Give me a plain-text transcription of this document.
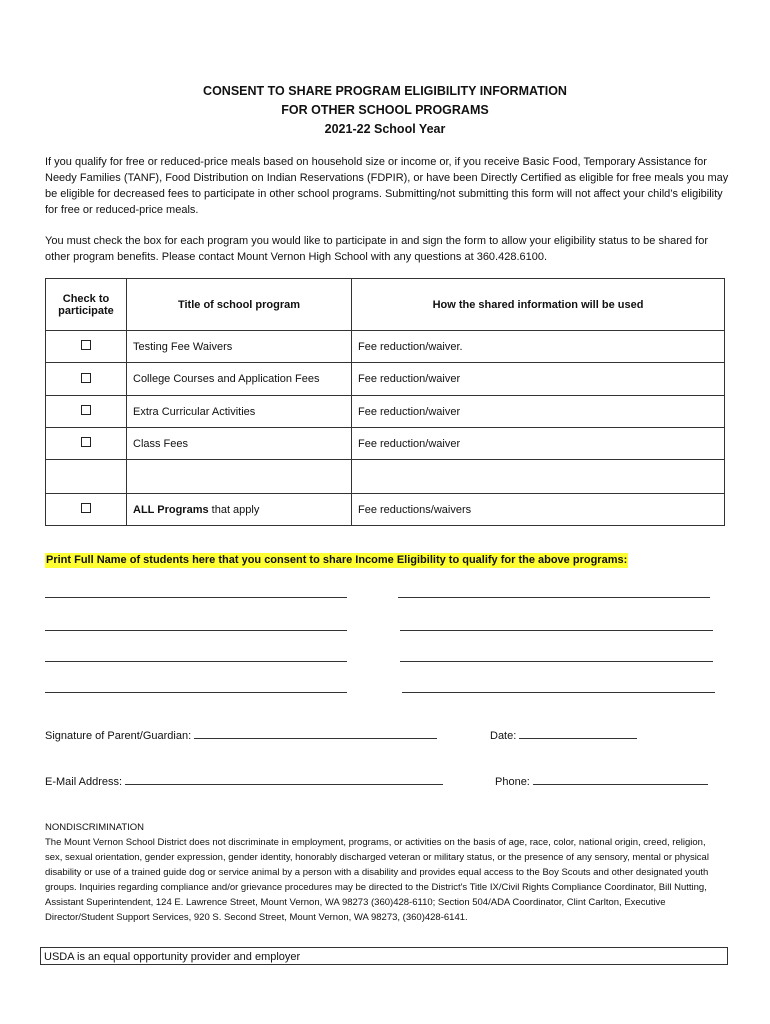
CONSENT TO SHARE PROGRAM ELIGIBILITY INFORMATION
FOR OTHER SCHOOL PROGRAMS
2021-22 School Year
If you qualify for free or reduced-price meals based on household size or income or, if you receive Basic Food, Temporary Assistance for Needy Families (TANF), Food Distribution on Indian Reservations (FDPIR), or have been Directly Certified as eligible for free meals you may be eligible for decreased fees to participate in other school programs. Submitting/not submitting this form will not affect your child’s eligibility for free or reduced-price meals.
You must check the box for each program you would like to participate in and sign the form to allow your eligibility status to be shared for other program benefits. Please contact Mount Vernon High School with any questions at 360.428.6100.
Check to participate	Title of school program	How the shared information will be used
	Testing Fee Waivers	Fee reduction/waiver.
	College Courses and Application Fees	Fee reduction/waiver
	Extra Curricular Activities	Fee reduction/waiver
	Class Fees	Fee reduction/waiver

	ALL Programs that apply	Fee reductions/waivers
Print Full Name of students here that you consent to share Income Eligibility to qualify for the above programs:
Signature of Parent/Guardian:	Date:
E-Mail Address:	Phone:
NONDISCRIMINATION
The Mount Vernon School District does not discriminate in employment, programs, or activities on the basis of age, race, color, national origin, creed, religion, sex, sexual orientation, gender expression, gender identity, honorably discharged veteran or military status, or the presence of any sensory, mental or physical disability or use of a trained guide dog or service animal by a person with a disability and provides equal access to the Boy Scouts and other designated youth groups. Inquiries regarding compliance and/or grievance procedures may be directed to the District's Title IX/Civil Rights Compliance Coordinator, Bill Nutting, Assistant Superintendent, 124 E. Lawrence Street, Mount Vernon, WA 98273 (360)428-6110; Section 504/ADA Coordinator, Clint Carlton, Executive Director/Student Support Services, 920 S. Second Street, Mount Vernon, WA 98273, (360)428-6141.
USDA is an equal opportunity provider and employer
